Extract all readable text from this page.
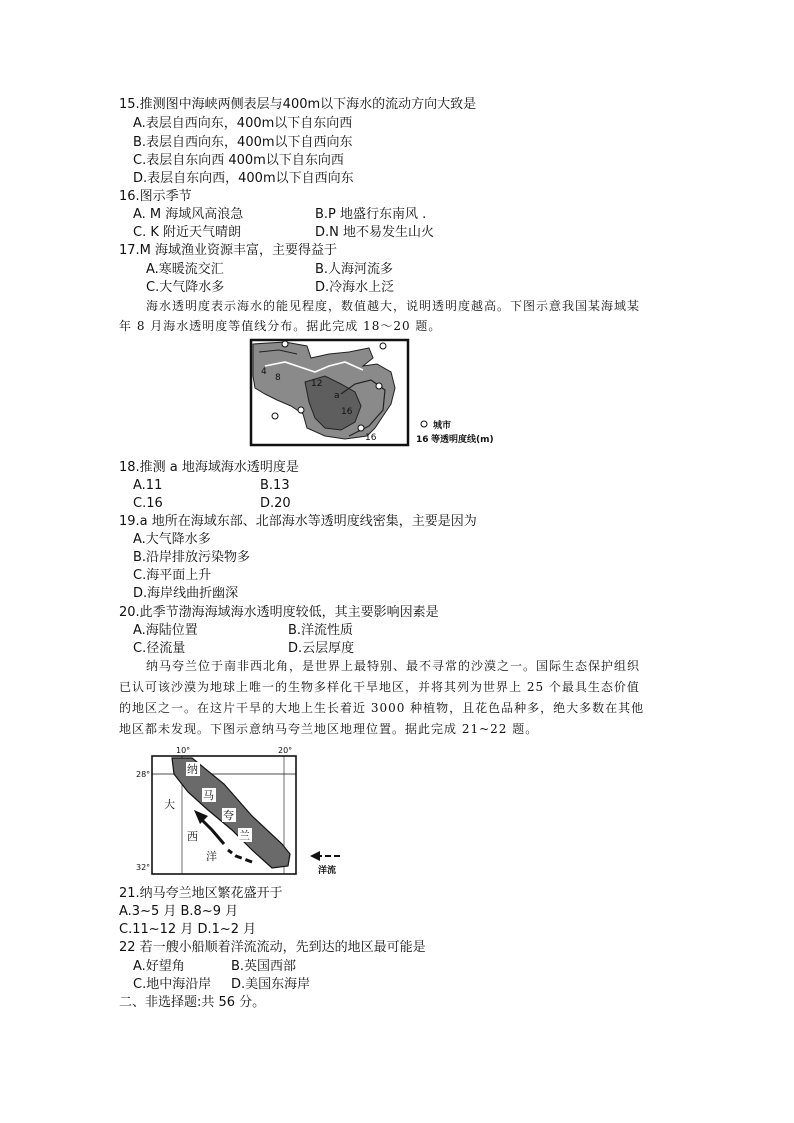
15.推测图中海峡两侧表层与400m以下海水的流动方向大致是
A.表层自西向东，400m以下自东向西
B.表层自西向东，400m以下自西向东
C.表层自东向西 400m以下自东向西
D.表层自东向西，400m以下自西向东
16.图示季节
A. M 海域风高浪急	B.P 地盛行东南风 .
C. K 附近天气晴朗	D.N 地不易发生山火
17.M 海域渔业资源丰富，主要得益于
A.寒暖流交汇	B.人海河流多
C.大气降水多	D.冷海水上泛
海水透明度表示海水的能见程度，数值越大，说明透明度越高。下图示意我国某海域某
年 8 月海水透明度等值线分布。据此完成 18～20 题。
4
8
12
a
16
16
城市
16 等透明度线(m)
18.推测 a 地海域海水透明度是
A.11	B.13
C.16	D.20
19.a 地所在海域东部、北部海水等透明度线密集，主要是因为
A.大气降水多
B.沿岸排放污染物多
C.海平面上升
D.海岸线曲折幽深
20.此季节渤海海域海水透明度较低，其主要影响因素是
A.海陆位置	B.洋流性质
C.径流量	D.云层厚度
纳马夸兰位于南非西北角，是世界上最特别、最不寻常的沙漠之一。国际生态保护组织
已认可该沙漠为地球上唯一的生物多样化干旱地区，并将其列为世界上 25 个最具生态价值
的地区之一。在这片干旱的大地上生长着近 3000 种植物，且花色品种多，绝大多数在其他
地区都未发现。下图示意纳马夸兰地区地理位置。据此完成 21~22 题。
10°	20°
28°
32°
纳
马
夸
兰
大
西
洋
洋流
21.纳马夸兰地区繁花盛开于
A.3~5 月 B.8~9 月
C.11~12 月 D.1~2 月
22 若一艘小船顺着洋流流动，先到达的地区最可能是
A.好望角	B.英国西部
C.地中海沿岸 D.美国东海岸
二、非选择题:共 56 分。
